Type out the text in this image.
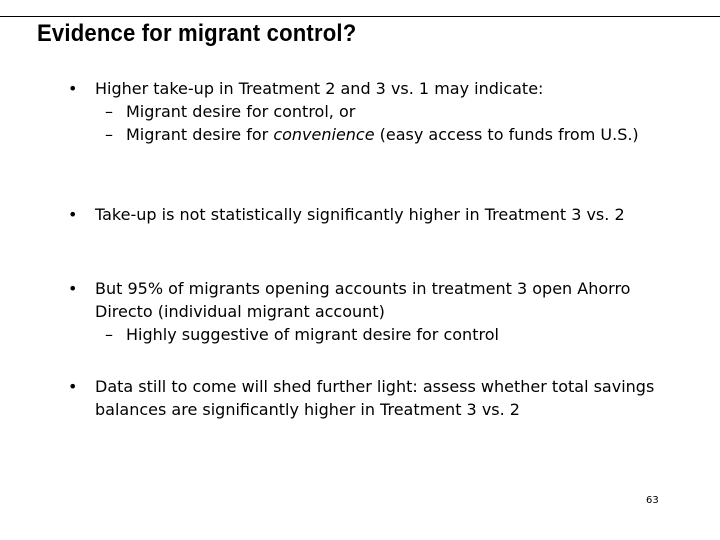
Evidence for migrant control?
• Higher take-up in Treatment 2 and 3 vs. 1 may indicate:
– Migrant desire for control, or
– Migrant desire for convenience (easy access to funds from U.S.)
• Take-up is not statistically significantly higher in Treatment 3 vs. 2
• But 95% of migrants opening accounts in treatment 3 open Ahorro Directo (individual migrant account)
– Highly suggestive of migrant desire for control
• Data still to come will shed further light: assess whether total savings balances are significantly higher in Treatment 3 vs. 2
63
